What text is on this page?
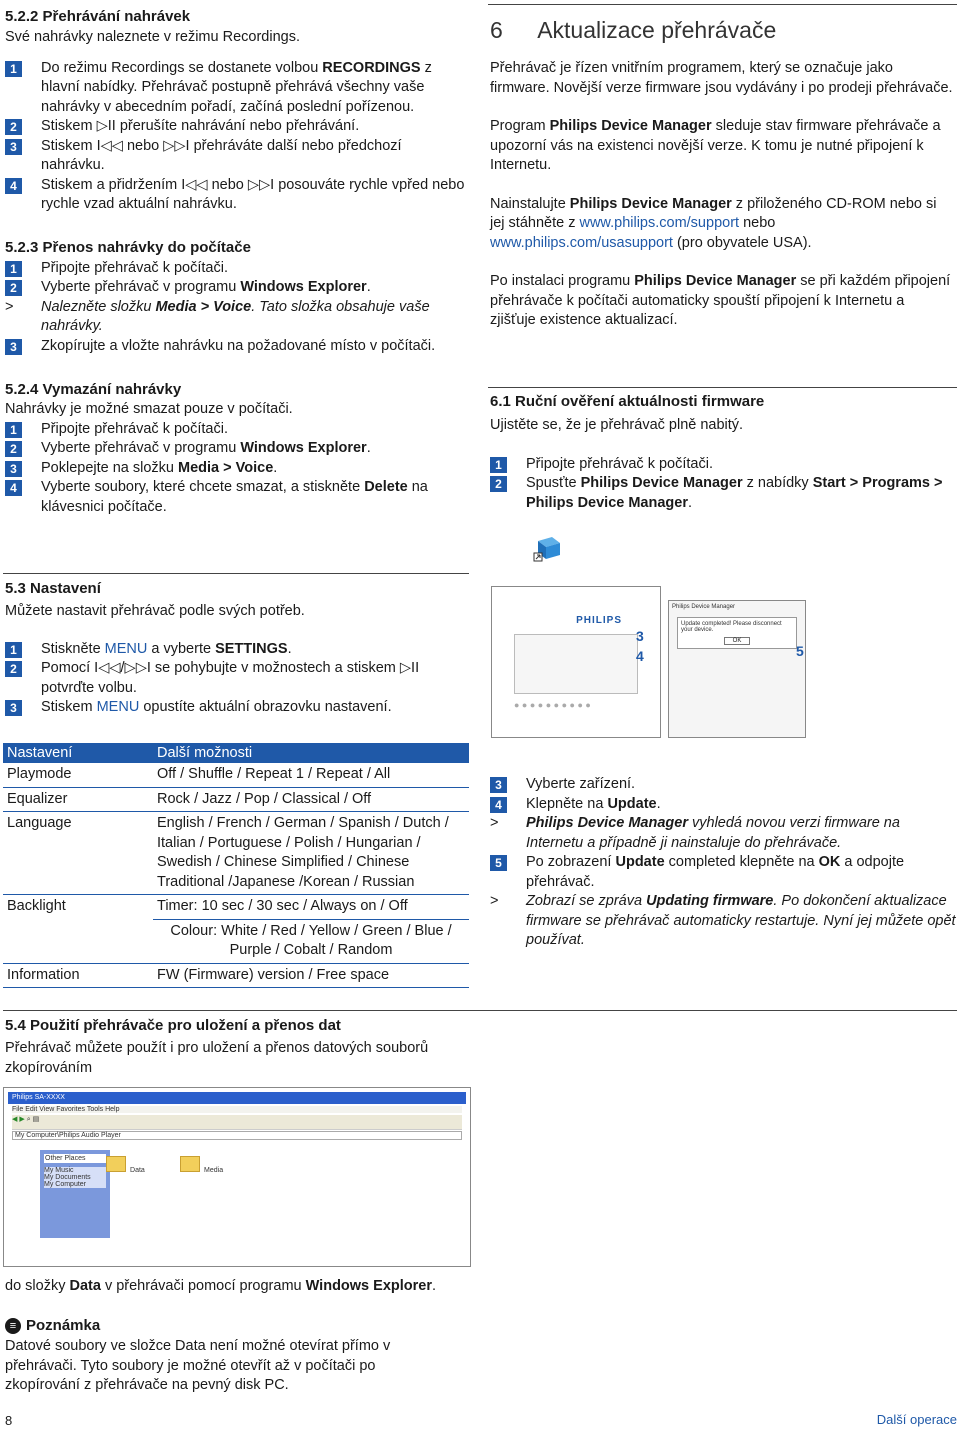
5.2.2 Přehrávání nahrávek
Své nahrávky naleznete v režimu Recordings.
1	Do režimu Recordings se dostanete volbou RECORDINGS z hlavní nabídky. Přehrávač postupně přehrává všechny vaše nahrávky v abecedním pořadí, začíná poslední pořízenou.
2	Stiskem ▷II přerušíte nahrávání nebo přehrávání.
3	Stiskem I◁◁ nebo ▷▷I přehráváte další nebo předchozí nahrávku.
4	Stiskem a přidržením I◁◁ nebo ▷▷I posouváte rychle vpřed nebo rychle vzad aktuální nahrávku.
5.2.3 Přenos nahrávky do počítače
1	Připojte přehrávač k počítači.
2	Vyberte přehrávač v programu Windows Explorer.
> Nalezněte složku Media > Voice. Tato složka obsahuje vaše nahrávky.
3	Zkopírujte a vložte nahrávku na požadované místo v počítači.
5.2.4 Vymazání nahrávky
Nahrávky je možné smazat pouze v počítači.
1	Připojte přehrávač k počítači.
2	Vyberte přehrávač v programu Windows Explorer.
3	Poklepejte na složku Media > Voice.
4	Vyberte soubory, které chcete smazat, a stiskněte Delete na klávesnici počítače.
5.3 Nastavení
Můžete nastavit přehrávač podle svých potřeb.
1	Stiskněte MENU a vyberte SETTINGS.
2	Pomocí I◁◁/▷▷I se pohybujte v možnostech a stiskem ▷II potvrďte volbu.
3	Stiskem MENU opustíte aktuální obrazovku nastavení.
Nastavení	Další možnosti
Playmode	Off / Shuffle / Repeat 1 / Repeat / All
Equalizer	Rock / Jazz / Pop / Classical / Off
Language	English / French / German / Spanish / Dutch / Italian / Portuguese / Polish / Hungarian / Swedish / Chinese Simplified / Chinese Traditional /Japanese /Korean / Russian
Backlight	Timer: 10 sec / 30 sec / Always on / Off
	Colour: White / Red / Yellow / Green / Blue / Purple / Cobalt / Random
Information	FW (Firmware) version / Free space
5.4 Použití přehrávače pro uložení a přenos dat
Přehrávač můžete použít i pro uložení a přenos datových souborů zkopírováním
Philips SA-XXXX
File Edit View Favorites Tools Help
◀ ▶ ⌕ ▤
My Computer\Philips Audio Player
Other Places
My Music
My Documents
My Computer
Data	Media
do složky Data v přehrávači pomocí programu Windows Explorer.
≡ Poznámka
Datové soubory ve složce Data není možné otevírat přímo v přehrávači. Tyto soubory je možné otevřít až v počítači po zkopírování z přehrávače na pevný disk PC.
8
6 Aktualizace přehrávače
Přehrávač je řízen vnitřním programem, který se označuje jako firmware. Novější verze firmware jsou vydávány i po prodeji přehrávače.
Program Philips Device Manager sleduje stav firmware přehrávače a upozorní vás na existenci novější verze. K tomu je nutné připojení k Internetu.
Nainstalujte Philips Device Manager z přiloženého CD-ROM nebo si jej stáhněte z www.philips.com/support nebo www.philips.com/usasupport (pro obyvatele USA).
Po instalaci programu Philips Device Manager se při každém připojení přehrávače k počítači automaticky spouští připojení k Internetu a zjišťuje existence aktualizací.
6.1 Ruční ověření aktuálnosti firmware
Ujistěte se, že je přehrávač plně nabitý.
1	Připojte přehrávač k počítači.
2	Spusťte Philips Device Manager z nabídky Start > Programs > Philips Device Manager.
PHILIPS
● ● ● ● ● ● ● ● ● ●
Philips Device Manager
Update completed! Please disconnect your device.
OK
3
4	5
3	Vyberte zařízení.
4	Klepněte na Update.
> Philips Device Manager vyhledá novou verzi firmware na Internetu a případně ji nainstaluje do přehrávače.
5	Po zobrazení Update completed klepněte na OK a odpojte přehrávač.
> Zobrazí se zpráva Updating firmware. Po dokončení aktualizace firmware se přehrávač automaticky restartuje. Nyní jej můžete opět používat.
Další operace
